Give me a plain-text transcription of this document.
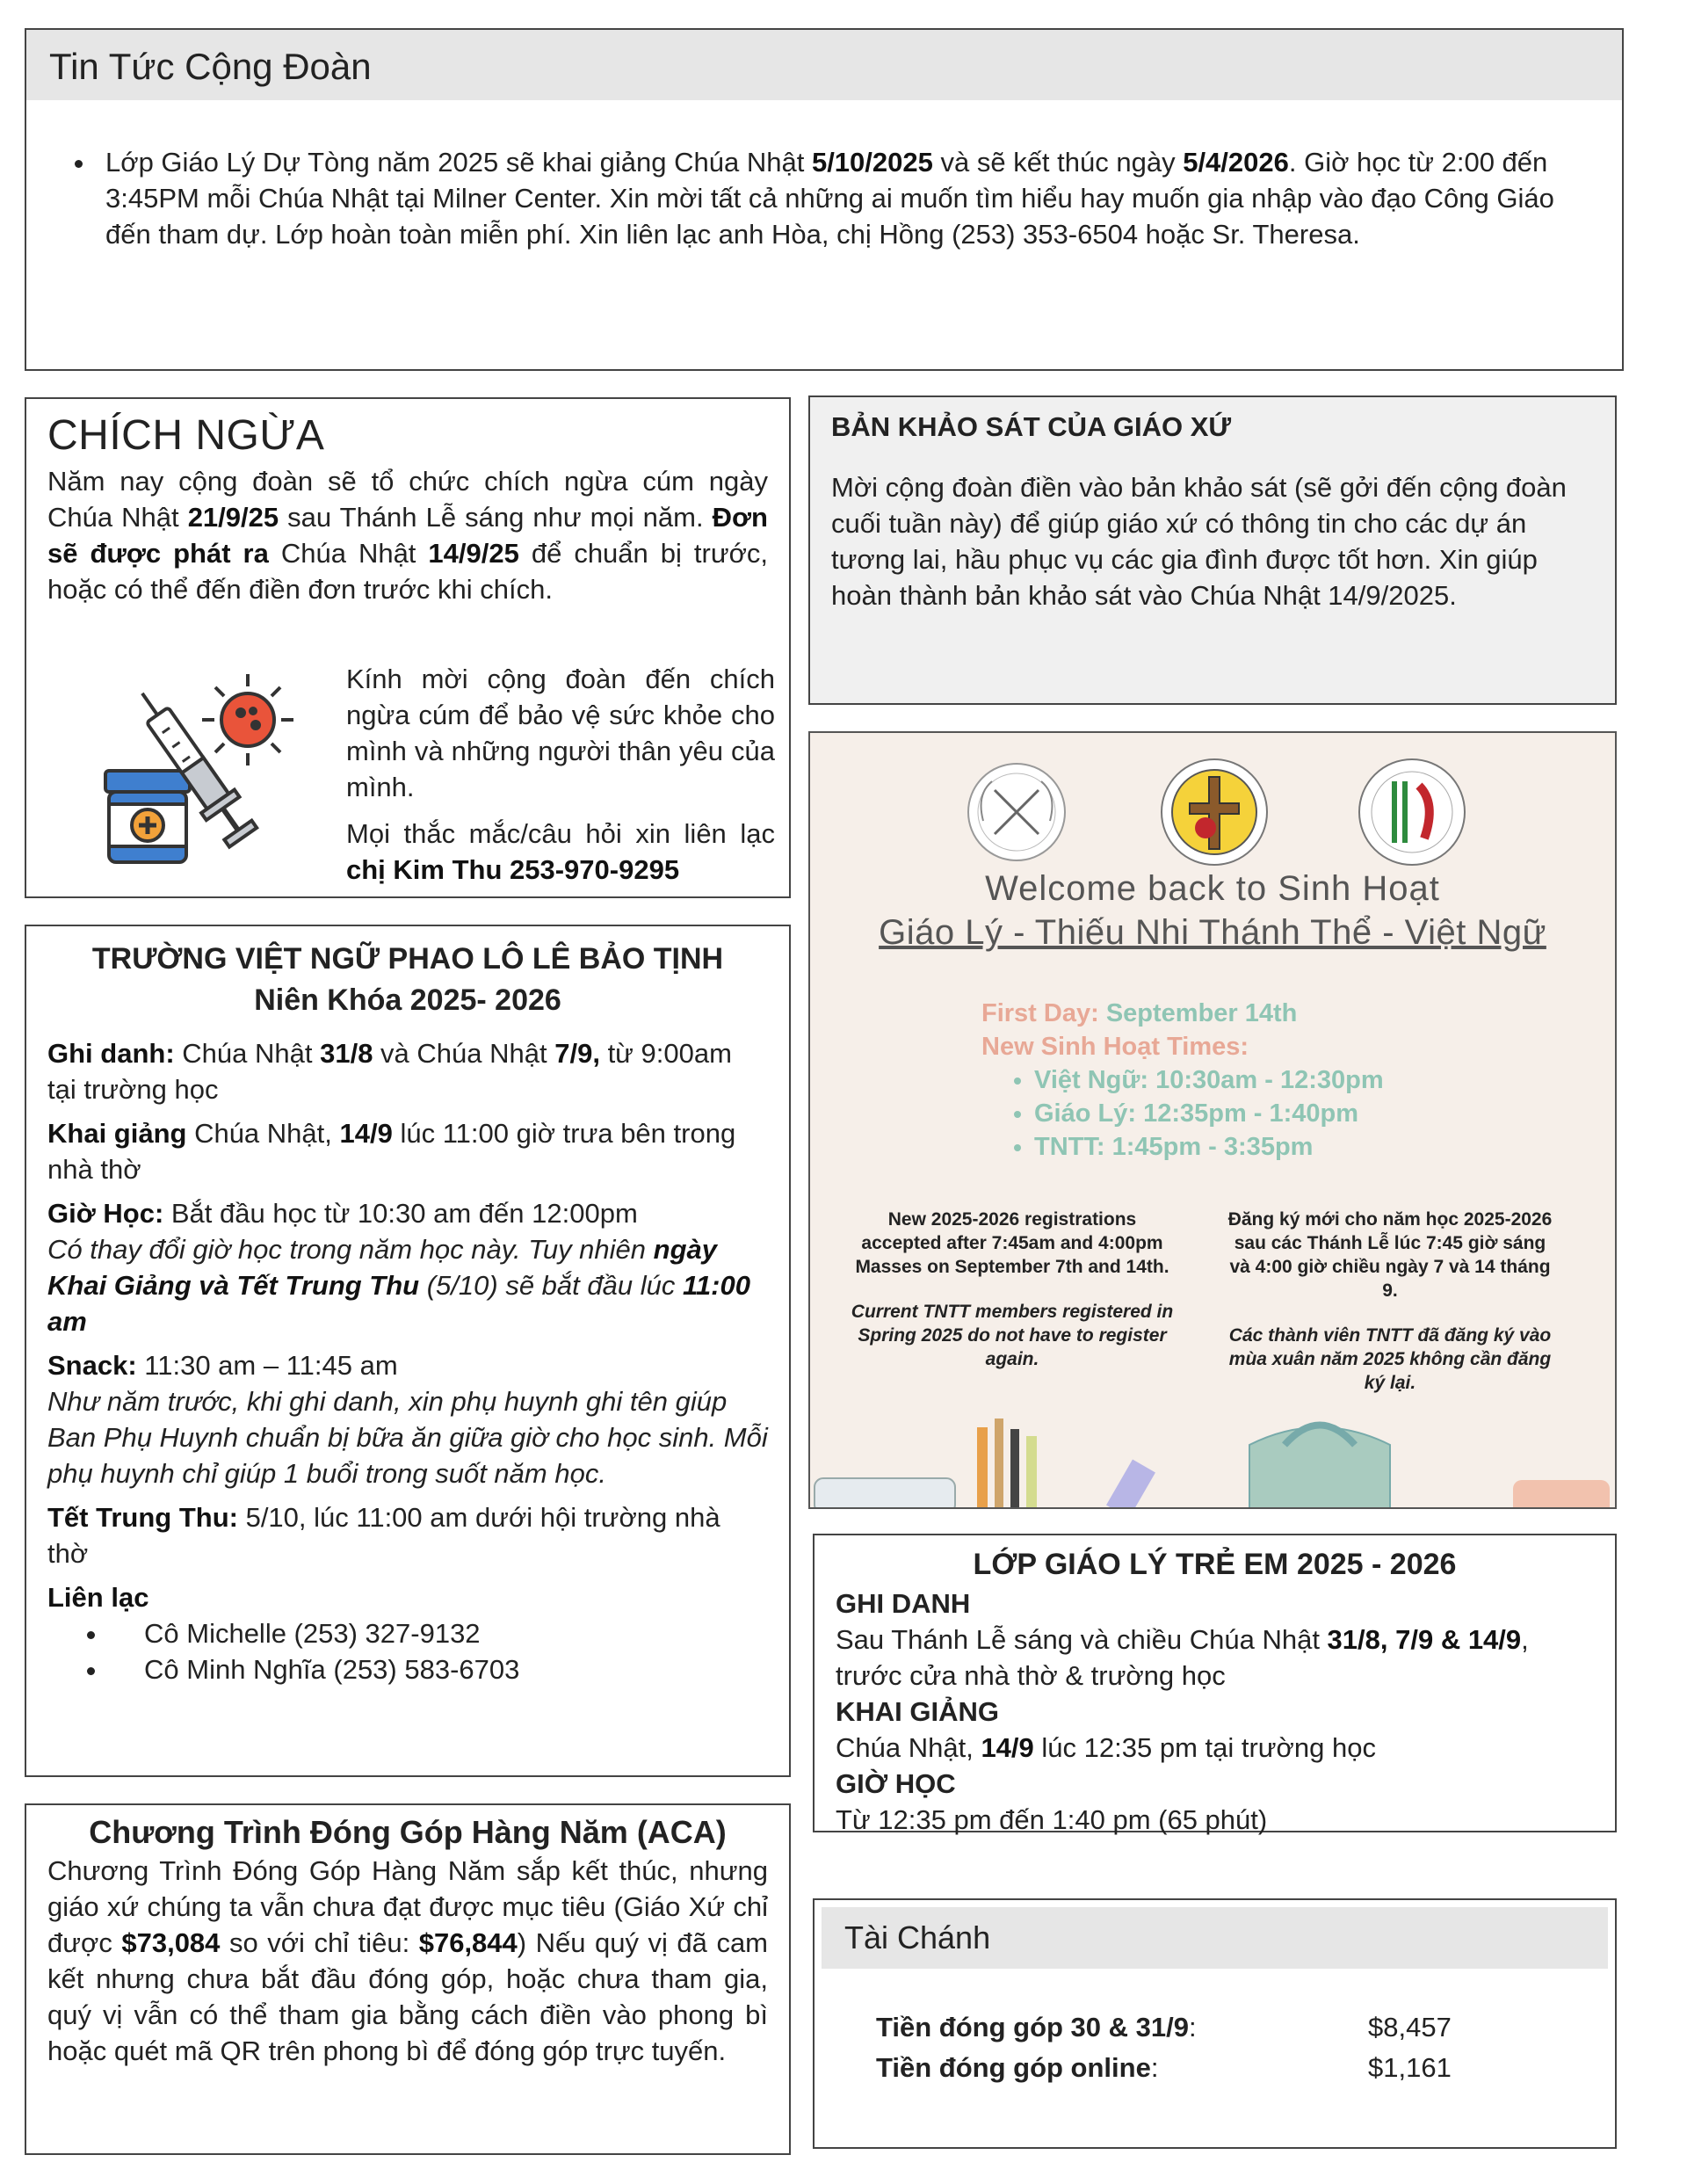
Tin Tức Cộng Đoàn
• Lớp Giáo Lý Dự Tòng năm 2025 sẽ khai giảng Chúa Nhật 5/10/2025 và sẽ kết thúc ngày 5/4/2026. Giờ học từ 2:00 đến 3:45PM mỗi Chúa Nhật tại Milner Center. Xin mời tất cả những ai muốn tìm hiểu hay muốn gia nhập vào đạo Công Giáo đến tham dự. Lớp hoàn toàn miễn phí. Xin liên lạc anh Hòa, chị Hồng (253) 353-6504 hoặc Sr. Theresa.
CHÍCH NGỪA

Năm nay cộng đoàn sẽ tổ chức chích ngừa cúm ngày Chúa Nhật 21/9/25 sau Thánh Lễ sáng như mọi năm. Đơn sẽ được phát ra Chúa Nhật 14/9/25 để chuẩn bị trước, hoặc có thể đến điền đơn trước khi chích.

Kính mời cộng đoàn đến chích ngừa cúm để bảo vệ sức khỏe cho mình và những người thân yêu của mình.

Mọi thắc mắc/câu hỏi xin liên lạc chị Kim Thu 253-970-9295

BẢN KHẢO SÁT CỦA GIÁO XỨ

Mời cộng đoàn điền vào bản khảo sát (sẽ gởi đến cộng đoàn cuối tuần này) để giúp giáo xứ có thông tin cho các dự án tương lai, hầu phục vụ các gia đình được tốt hơn. Xin giúp hoàn thành bản khảo sát vào Chúa Nhật 14/9/2025.

Welcome back to Sinh Hoạt
Giáo Lý - Thiếu Nhi Thánh Thể - Việt Ngữ
First Day: September 14th
New Sinh Hoạt Times:
• Việt Ngữ: 10:30am - 12:30pm
• Giáo Lý: 12:35pm - 1:40pm
• TNTT: 1:45pm - 3:35pm

New 2025-2026 registrations accepted after 7:45am and 4:00pm Masses on September 7th and 14th.

Current TNTT members registered in Spring 2025 do not have to register again.

Đăng ký mới cho năm học 2025-2026 sau các Thánh Lễ lúc 7:45 giờ sáng và 4:00 giờ chiều ngày 7 và 14 tháng 9.

Các thành viên TNTT đã đăng ký vào mùa xuân năm 2025 không cần đăng ký lại.

TRƯỜNG VIỆT NGỮ PHAO LÔ LÊ BẢO TỊNH
Niên Khóa 2025- 2026

Ghi danh: Chúa Nhật 31/8 và Chúa Nhật 7/9, từ 9:00am tại trường học

Khai giảng Chúa Nhật, 14/9 lúc 11:00 giờ trưa bên trong nhà thờ

Giờ Học: Bắt đầu học từ 10:30 am đến 12:00pm

Có thay đổi giờ học trong năm học này. Tuy nhiên ngày Khai Giảng và Tết Trung Thu (5/10) sẽ bắt đầu lúc 11:00 am

Snack: 11:30 am – 11:45 am

Như năm trước, khi ghi danh, xin phụ huynh ghi tên giúp Ban Phụ Huynh chuẩn bị bữa ăn giữa giờ cho học sinh. Mỗi phụ huynh chỉ giúp 1 buổi trong suốt năm học.

Tết Trung Thu: 5/10, lúc 11:00 am dưới hội trường nhà thờ

Liên lạc

• Cô Michelle (253) 327-9132
• Cô Minh Nghĩa (253) 583-6703
LỚP GIÁO LÝ TRẺ EM 2025 - 2026
GHI DANH
Sau Thánh Lễ sáng và chiều Chúa Nhật 31/8, 7/9 & 14/9, trước cửa nhà thờ & trường học
KHAI GIẢNG
Chúa Nhật, 14/9 lúc 12:35 pm tại trường học
GIỜ HỌC
Từ 12:35 pm đến 1:40 pm (65 phút)
Chương Trình Đóng Góp Hàng Năm (ACA)

Chương Trình Đóng Góp Hàng Năm sắp kết thúc, nhưng giáo xứ chúng ta vẫn chưa đạt được mục tiêu (Giáo Xứ chỉ được $73,084 so với chỉ tiêu: $76,844) Nếu quý vị đã cam kết nhưng chưa bắt đầu đóng góp, hoặc chưa tham gia, quý vị vẫn có thể tham gia bằng cách điền vào phong bì hoặc quét mã QR trên phong bì để đóng góp trực tuyến.

Tài Chánh
Tiền đóng góp 30 & 31/9:	$8,457
Tiền đóng góp online:	$1,161
